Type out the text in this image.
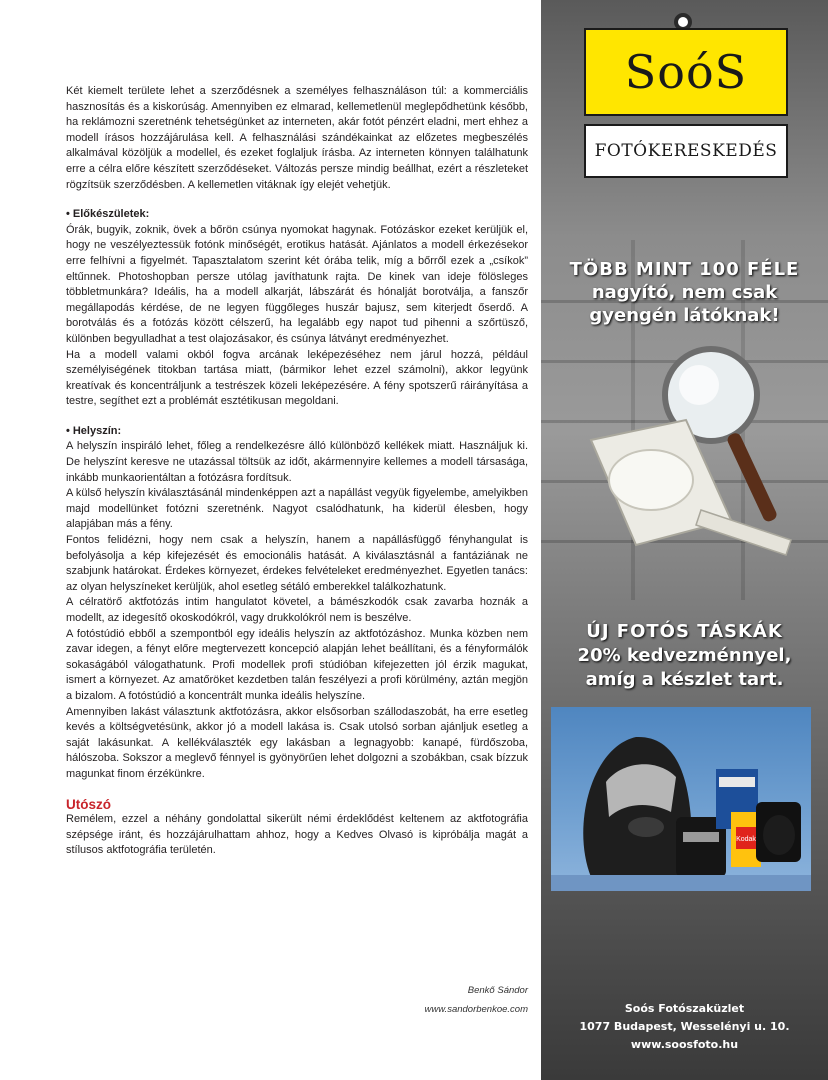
Két kiemelt területe lehet a szerződésnek a személyes felhasználáson túl: a kommerciális hasznosítás és a kiskorúság. Amennyiben ez elmarad, kellemetlenül meglepődhetünk később, ha reklámozni szeretnénk tehetségünket az interneten, akár fotót pénzért eladni, mert ehhez a modell írásos hozzájárulása kell. A felhasználási szándékainkat az előzetes megbeszélés alkalmával közöljük a modellel, és ezeket foglaljuk írásba. Az interneten könnyen találhatunk erre a célra előre készített szerződéseket. Változás persze mindig beállhat, ezért a részleteket rögzítsük szerződésben. A kellemetlen vitáknak így elejét vehetjük.

• Előkészületek:

Órák, bugyik, zoknik, övek a bőrön csúnya nyomokat hagynak. Fotózáskor ezeket kerüljük el, hogy ne veszélyeztessük fotónk minőségét, erotikus hatását. Ajánlatos a modell érkezésekor erre felhívni a figyelmét. Tapasztalatom szerint két órába telik, míg a bőrről ezek a „csíkok” eltűnnek. Photoshopban persze utólag javíthatunk rajta. De kinek van ideje fölösleges többletmunkára? Ideális, ha a modell alkarját, lábszárát és hónalját borotválja, a fanszőr megállapodás kérdése, de ne legyen függőleges huszár bajusz, sem kiterjedt őserdő. A borotválás és a fotózás között célszerű, ha legalább egy napot tud pihenni a szőrtüsző, különben begyulladhat a test olajozásakor, és csúnya látványt eredményezhet.

Ha a modell valami okból fogva arcának leképezéséhez nem járul hozzá, például személyiségének titokban tartása miatt, (bármikor lehet ezzel számolni), akkor legyünk kreatívak és koncentráljunk a testrészek közeli leképezésére. A fény spotszerű ráirányítása a testre, segíthet ezt a problémát esztétikusan megoldani.

• Helyszín:

A helyszín inspiráló lehet, főleg a rendelkezésre álló különböző kellékek miatt. Használjuk ki. De helyszínt keresve ne utazással töltsük az időt, akármennyire kellemes a modell társasága, inkább munkaorientáltan a fotózásra fordítsuk.

A külső helyszín kiválasztásánál mindenképpen azt a napállást vegyük figyelembe, amelyikben majd modellünket fotózni szeretnénk. Nagyot csalódhatunk, ha kiderül élesben, hogy alapjában más a fény.

Fontos felidézni, hogy nem csak a helyszín, hanem a napállásfüggő fényhangulat is befolyásolja a kép kifejezését és emocionális hatását. A kiválasztásnál a fantáziának ne szabjunk határokat. Érdekes környezet, érdekes felvételeket eredményezhet. Egyetlen tanács: az olyan helyszíneket kerüljük, ahol esetleg sétáló emberekkel találkozhatunk.

A célratörő aktfotózás intim hangulatot követel, a bámészkodók csak zavarba hoznák a modellt, az idegesítő okoskodókról, vagy drukkolókról nem is beszélve.

A fotóstúdió ebből a szempontból egy ideális helyszín az aktfotózáshoz. Munka közben nem zavar idegen, a fényt előre megtervezett koncepció alapján lehet beállítani, és a fényformálók sokaságából válogathatunk. Profi modellek profi stúdióban kifejezetten jól érzik magukat, ismert a környezet. Az amatőröket kezdetben talán feszélyezi a profi körülmény, aztán megjön a bizalom. A fotóstúdió a koncentrált munka ideális helyszíne.

Amennyiben lakást választunk aktfotózásra, akkor elsősorban szállodaszobát, ha erre esetleg kevés a költségvetésünk, akkor jó a modell lakása is. Csak utolsó sorban ajánljuk esetleg a saját lakásunkat. A kellékválaszték egy lakásban a legnagyobb: kanapé, fürdőszoba, hálószoba. Sokszor a meglevő fénnyel is gyönyörűen lehet dolgozni a szobákban, csak bízzuk magunkat finom érzékünkre.

Utószó

Remélem, ezzel a néhány gondolattal sikerült némi érdeklődést keltenem az aktfotográfia szépsége iránt, és hozzájárulhattam ahhoz, hogy a Kedves Olvasó is kipróbálja magát a stílusos aktfotográfia területén.

Benkő Sándor
www.sandorbenkoe.com
SoóS
FOTÓKERESKEDÉS
TÖBB MINT 100 FÉLE
nagyító, nem csak
gyengén látóknak!
ÚJ FOTÓS TÁSKÁK
20% kedvezménnyel,
amíg a készlet tart.
Kodak
Soós Fotószaküzlet
1077 Budapest, Wesselényi u. 10.
www.soosfoto.hu
